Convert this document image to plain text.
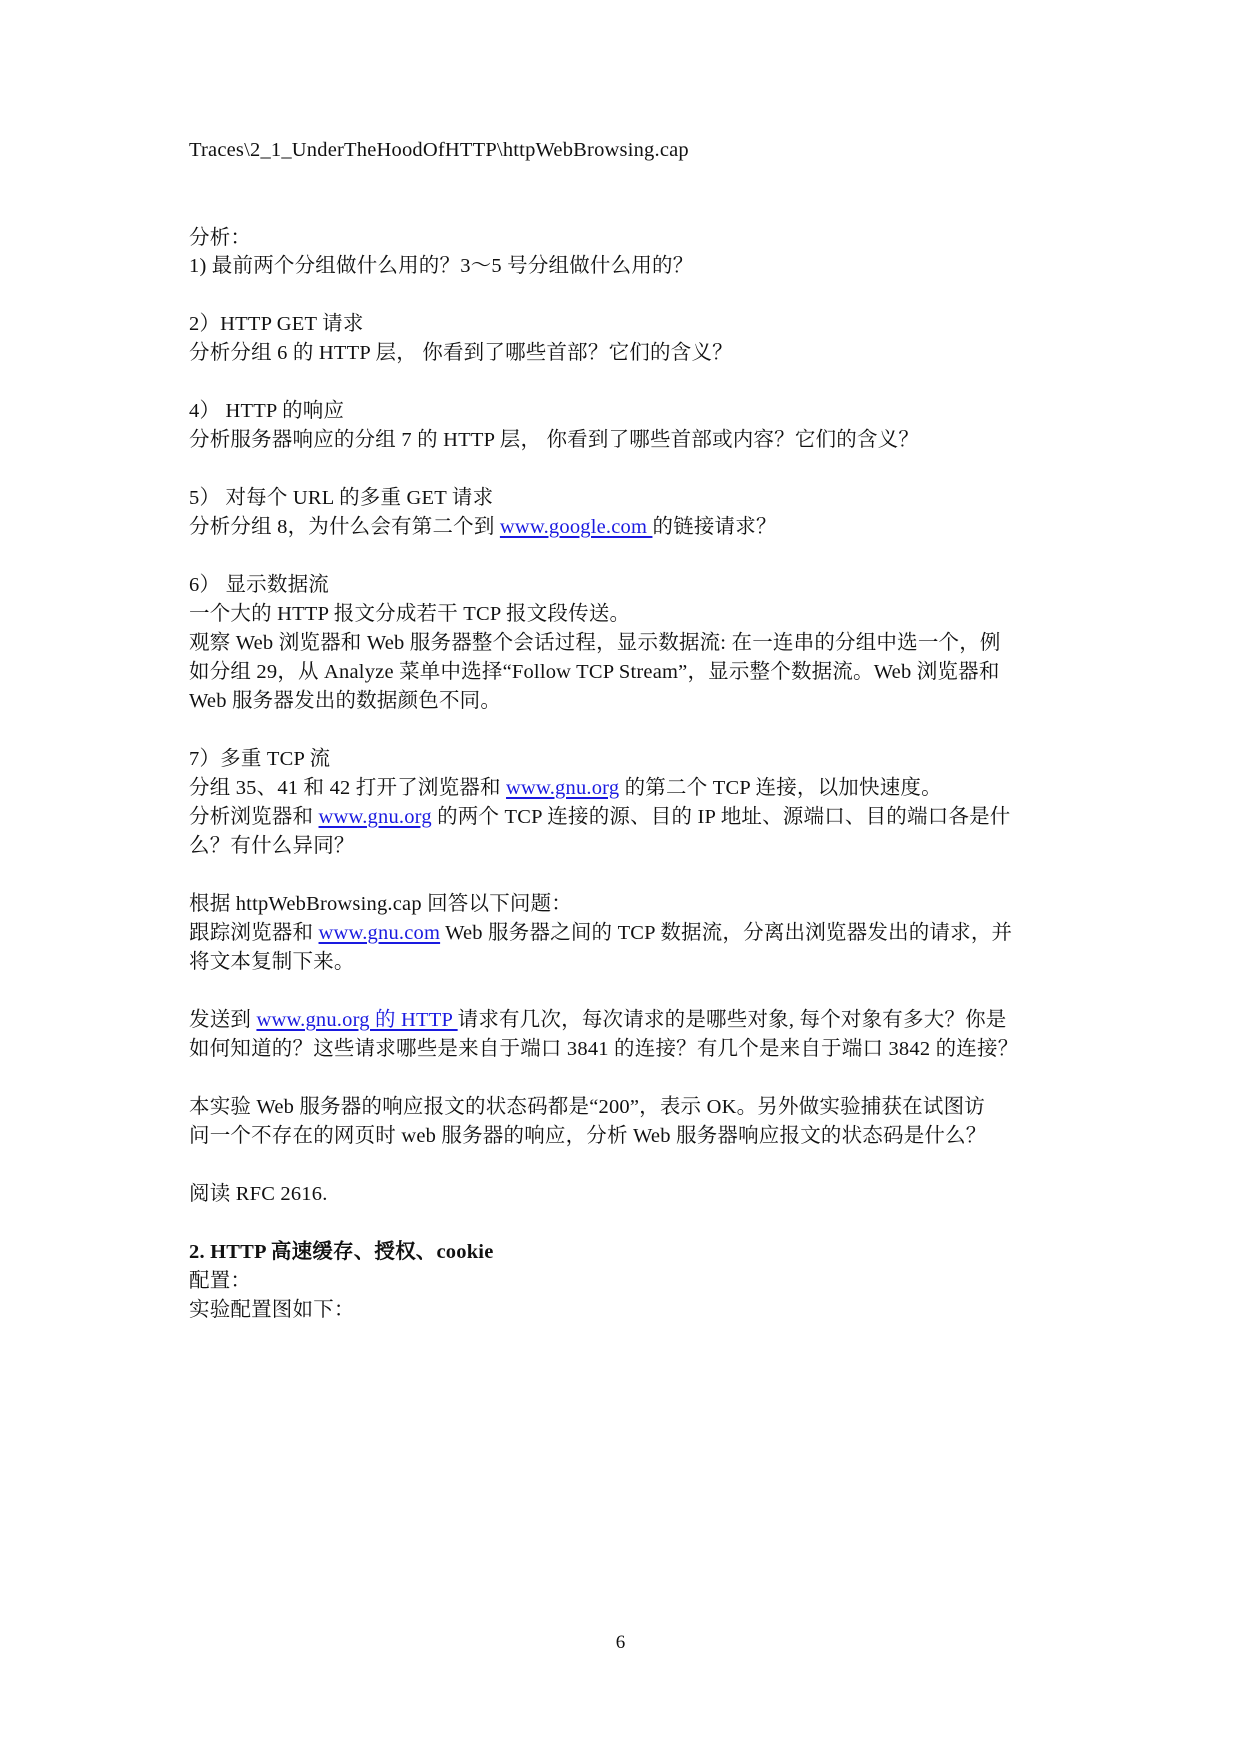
Traces\2_1_UnderTheHoodOfHTTP\httpWebBrowsing.cap
分析：
1) 最前两个分组做什么用的？3～5 号分组做什么用的？
2）HTTP GET 请求
分析分组 6 的 HTTP 层， 你看到了哪些首部？它们的含义？
4） HTTP 的响应
分析服务器响应的分组 7 的 HTTP 层， 你看到了哪些首部或内容？它们的含义？
5） 对每个 URL 的多重 GET 请求
分析分组 8，为什么会有第二个到 www.google.com 的链接请求？
6） 显示数据流
一个大的 HTTP 报文分成若干 TCP 报文段传送。
观察 Web 浏览器和 Web 服务器整个会话过程，显示数据流: 在一连串的分组中选一个，例
如分组 29，从 Analyze 菜单中选择“Follow TCP Stream”，显示整个数据流。Web 浏览器和
Web 服务器发出的数据颜色不同。
7）多重 TCP 流
分组 35、41 和 42 打开了浏览器和 www.gnu.org 的第二个 TCP 连接，以加快速度。
分析浏览器和 www.gnu.org 的两个 TCP 连接的源、目的 IP 地址、源端口、目的端口各是什
么？有什么异同？
根据 httpWebBrowsing.cap 回答以下问题：
跟踪浏览器和 www.gnu.com Web 服务器之间的 TCP 数据流，分离出浏览器发出的请求，并
将文本复制下来。
发送到 www.gnu.org 的 HTTP 请求有几次，每次请求的是哪些对象, 每个对象有多大？你是
如何知道的？这些请求哪些是来自于端口 3841 的连接？有几个是来自于端口 3842 的连接？
本实验 Web 服务器的响应报文的状态码都是“200”，表示 OK。另外做实验捕获在试图访
问一个不存在的网页时 web 服务器的响应，分析 Web 服务器响应报文的状态码是什么？
阅读 RFC 2616.
2. HTTP 高速缓存、授权、cookie
配置：
实验配置图如下：
6
